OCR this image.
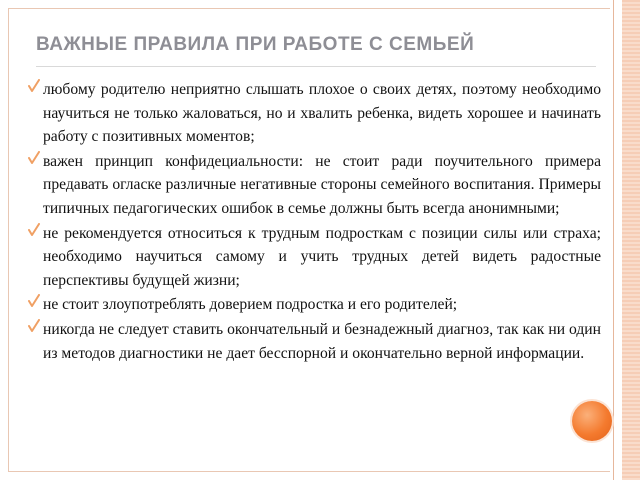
ВАЖНЫЕ ПРАВИЛА ПРИ РАБОТЕ С СЕМЬЕЙ
любому родителю неприятно слышать плохое о своих детях, поэтому необходимо научиться не только жаловаться, но и хвалить ребенка, видеть хорошее и начинать работу с позитивных моментов;
важен принцип конфидециальности: не стоит ради поучительного примера предавать огласке различные негативные стороны семейного воспитания. Примеры типичных педагогических ошибок в семье должны быть всегда анонимными;
не рекомендуется относиться к трудным подросткам с позиции силы или страха; необходимо научиться самому и учить трудных детей видеть радостные перспективы будущей жизни;
не стоит злоупотреблять доверием подростка и его родителей;
никогда не следует ставить окончательный и безнадежный диагноз, так как ни один из методов диагностики не дает бесспорной и окончательно верной информации.
